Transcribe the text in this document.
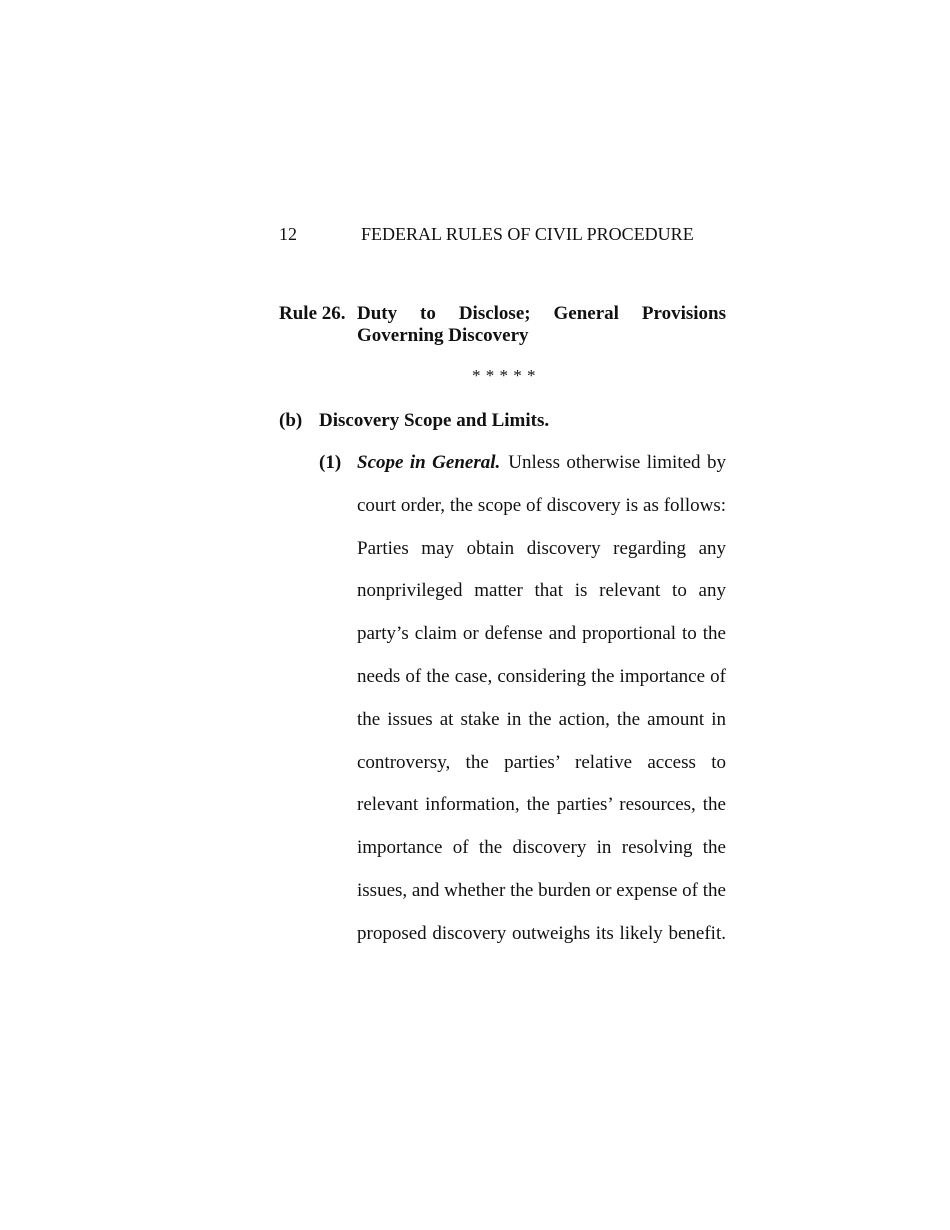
12	FEDERAL RULES OF CIVIL PROCEDURE
Rule 26. Duty to Disclose; General Provisions Governing Discovery
* * * * *
(b) Discovery Scope and Limits.
(1) Scope in General. Unless otherwise limited by
court order, the scope of discovery is as follows:
Parties may obtain discovery regarding any
nonprivileged matter that is relevant to any
party’s claim or defense and proportional to the
needs of the case, considering the importance of
the issues at stake in the action, the amount in
controversy, the parties’ relative access to
relevant information, the parties’ resources, the
importance of the discovery in resolving the
issues, and whether the burden or expense of the
proposed discovery outweighs its likely benefit.
